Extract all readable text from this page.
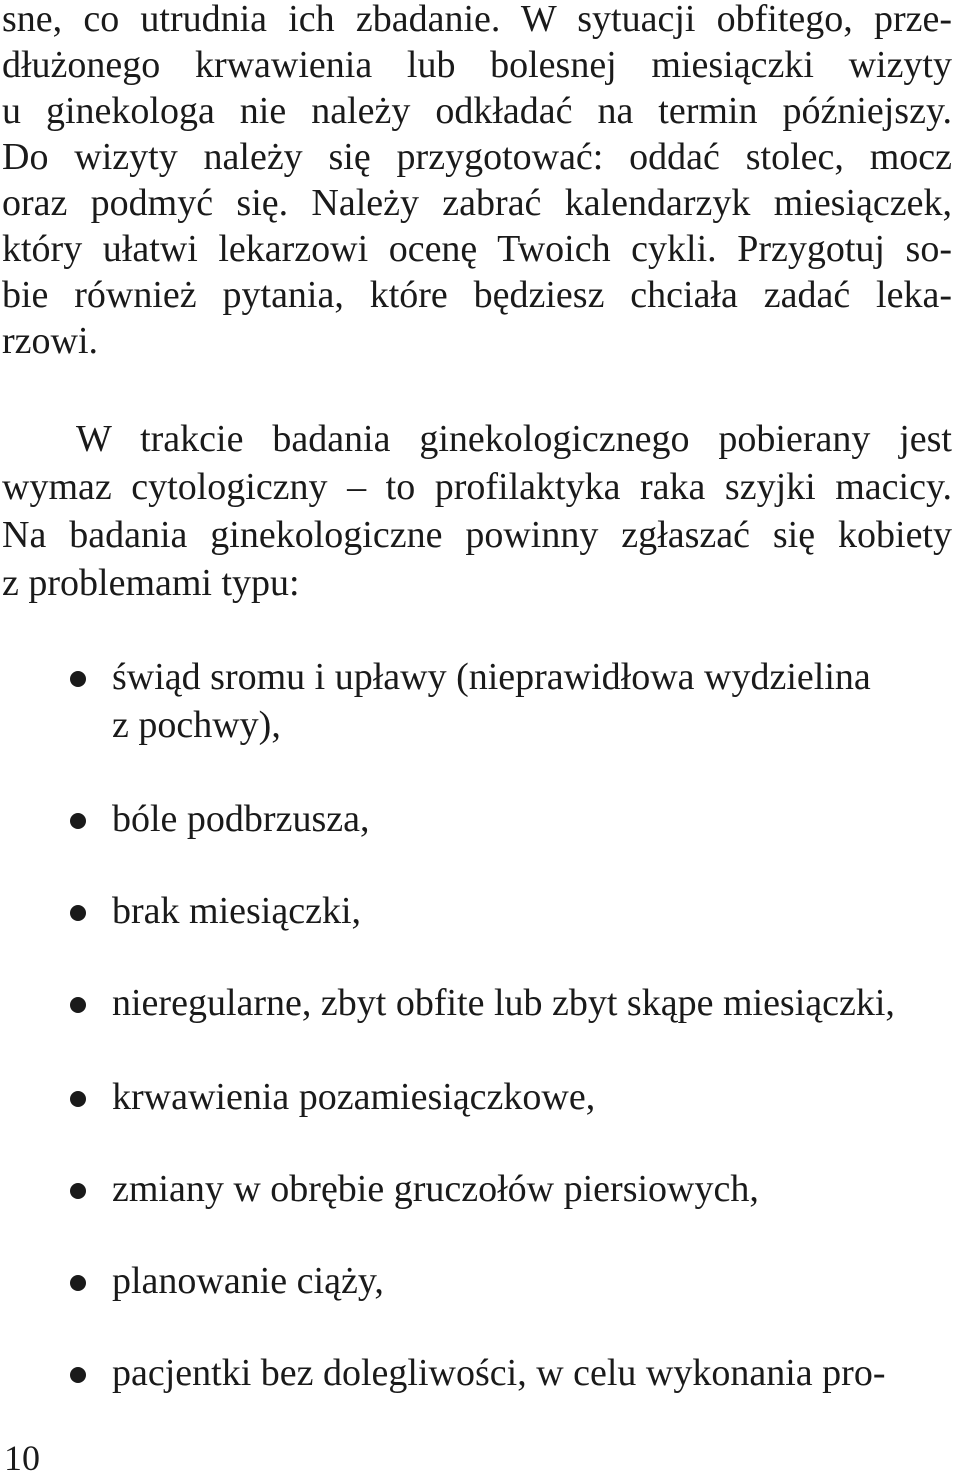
sne, co utrudnia ich zbadanie. W sytuacji obfitego, prze-
dłużonego krwawienia lub bolesnej miesiączki wizyty
u ginekologa nie należy odkładać na termin późniejszy.
Do wizyty należy się przygotować: oddać stolec, mocz
oraz podmyć się. Należy zabrać kalendarzyk miesiączek,
który ułatwi lekarzowi ocenę Twoich cykli. Przygotuj so-
bie również pytania, które będziesz chciała zadać leka-
rzowi.
W trakcie badania ginekologicznego pobierany jest
wymaz cytologiczny – to profilaktyka raka szyjki macicy.
Na badania ginekologiczne powinny zgłaszać się kobiety
z problemami typu:
świąd sromu i upławy (nieprawidłowa wydzielina
z pochwy),
bóle podbrzusza,
brak miesiączki,
nieregularne, zbyt obfite lub zbyt skąpe miesiączki,
krwawienia pozamiesiączkowe,
zmiany w obrębie gruczołów piersiowych,
planowanie ciąży,
pacjentki bez dolegliwości, w celu wykonania pro-
10
